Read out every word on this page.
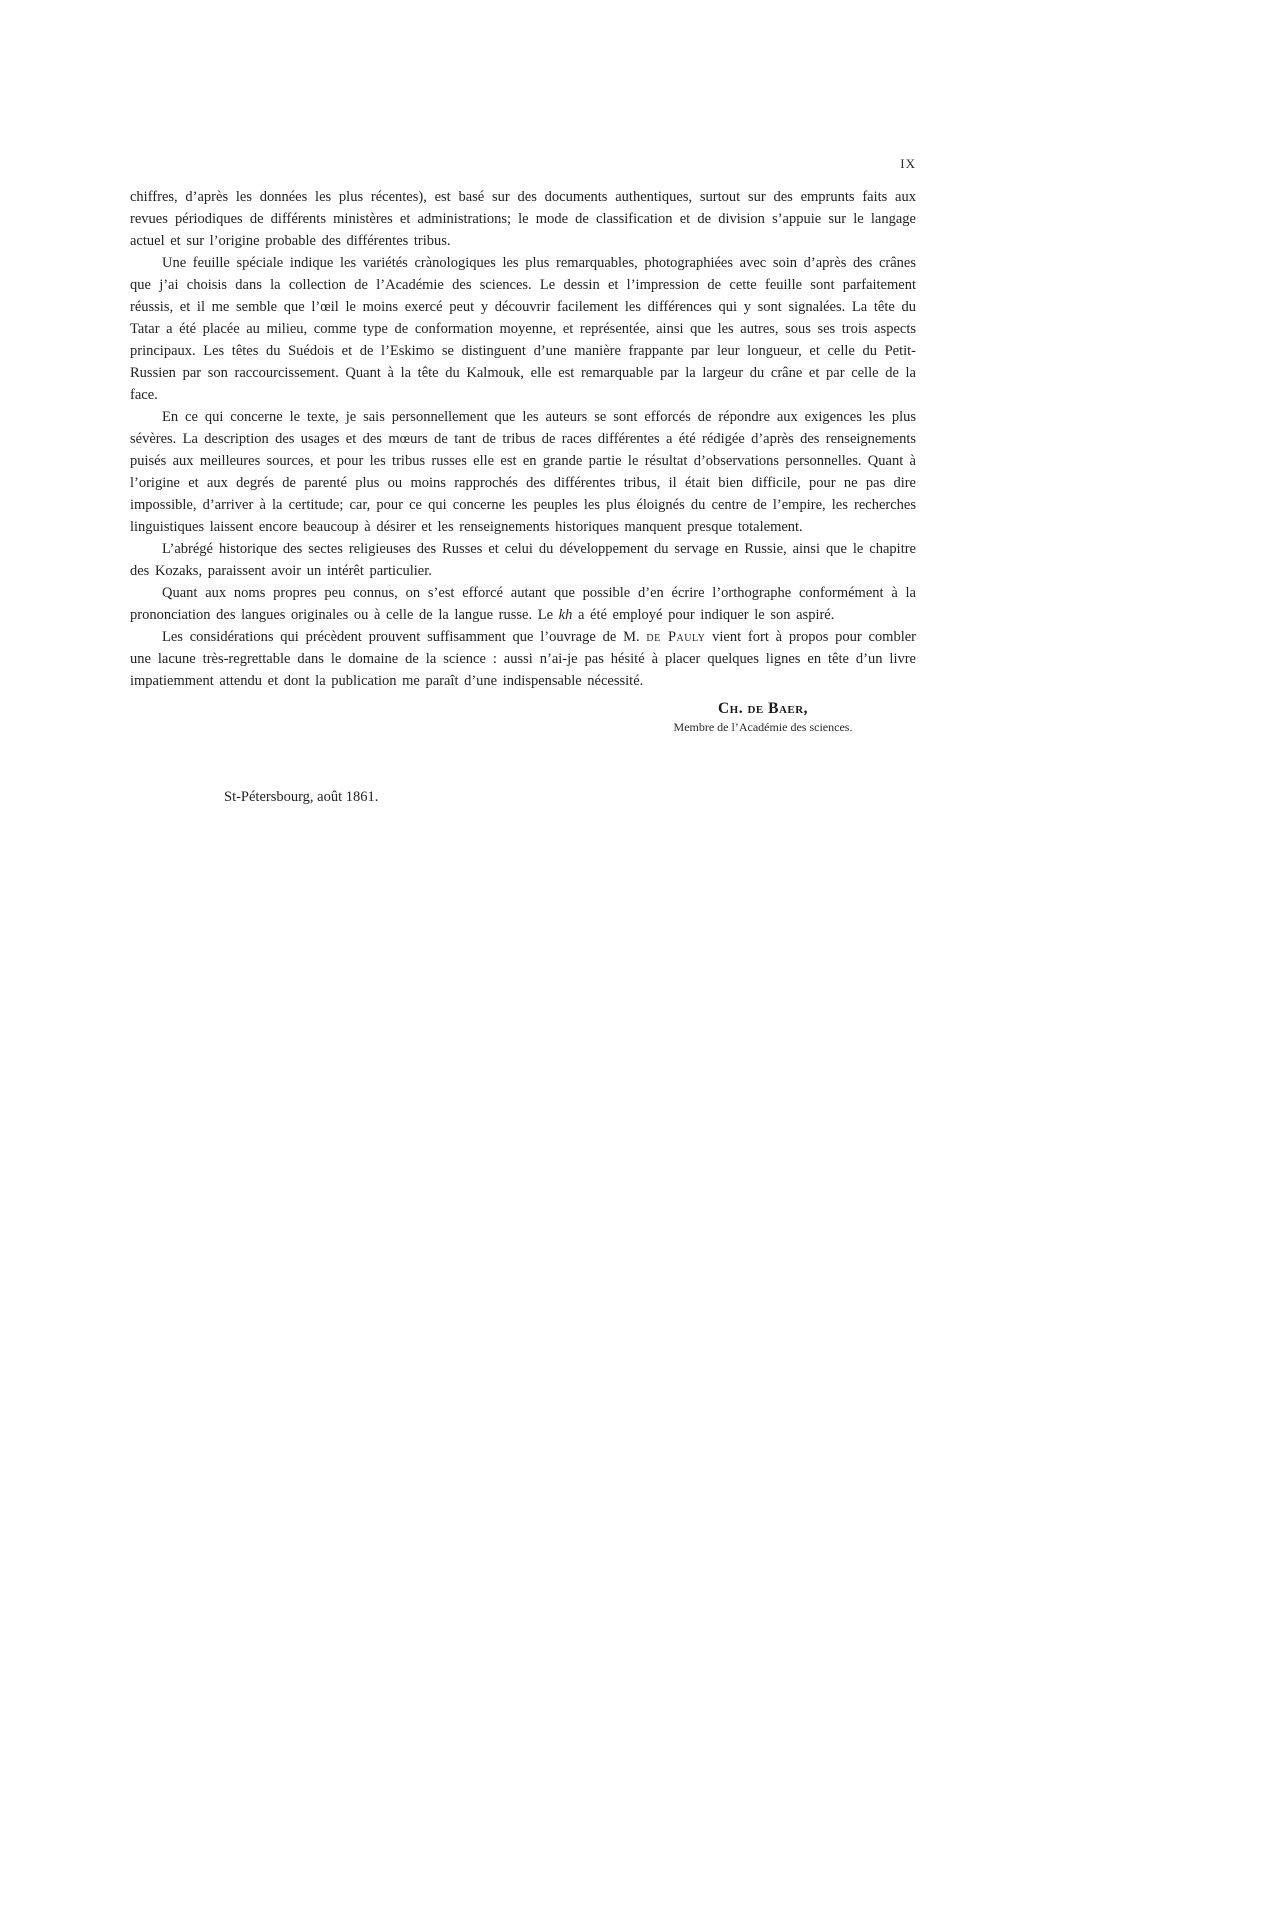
IX

chiffres, d’après les données les plus récentes), est basé sur des documents authentiques, surtout sur des emprunts faits aux revues périodiques de différents ministères et administrations; le mode de classification et de division s’appuie sur le langage actuel et sur l’origine probable des différentes tribus.

Une feuille spéciale indique les variétés crànologiques les plus remarquables, photographiées avec soin d’après des crânes que j’ai choisis dans la collection de l’Académie des sciences. Le dessin et l’impression de cette feuille sont parfaitement réussis, et il me semble que l’œil le moins exercé peut y découvrir facilement les différences qui y sont signalées. La tête du Tatar a été placée au milieu, comme type de conformation moyenne, et représentée, ainsi que les autres, sous ses trois aspects principaux. Les têtes du Suédois et de l’Eskimo se distinguent d’une manière frappante par leur longueur, et celle du Petit-Russien par son raccourcissement. Quant à la tête du Kalmouk, elle est remarquable par la largeur du crâne et par celle de la face.

En ce qui concerne le texte, je sais personnellement que les auteurs se sont efforcés de répondre aux exigences les plus sévères. La description des usages et des mœurs de tant de tribus de races différentes a été rédigée d’après des renseignements puisés aux meilleures sources, et pour les tribus russes elle est en grande partie le résultat d’observations personnelles. Quant à l’origine et aux degrés de parenté plus ou moins rapprochés des différentes tribus, il était bien difficile, pour ne pas dire impossible, d’arriver à la certitude; car, pour ce qui concerne les peuples les plus éloignés du centre de l’empire, les recherches linguistiques laissent encore beaucoup à désirer et les renseignements historiques manquent presque totalement.

L’abrégé historique des sectes religieuses des Russes et celui du développement du servage en Russie, ainsi que le chapitre des Kozaks, paraissent avoir un intérêt particulier.

Quant aux noms propres peu connus, on s’est efforcé autant que possible d’en écrire l’orthographe conformément à la prononciation des langues originales ou à celle de la langue russe. Le kh a été employé pour indiquer le son aspiré.

Les considérations qui précèdent prouvent suffisamment que l’ouvrage de M. de Pauly vient fort à propos pour combler une lacune très-regrettable dans le domaine de la science : aussi n’ai-je pas hésité à placer quelques lignes en tête d’un livre impatiemment attendu et dont la publication me paraît d’une indispensable nécessité.

Ch. de Baer,

Membre de l’Académie des sciences.

St-Pétersbourg, août 1861.
